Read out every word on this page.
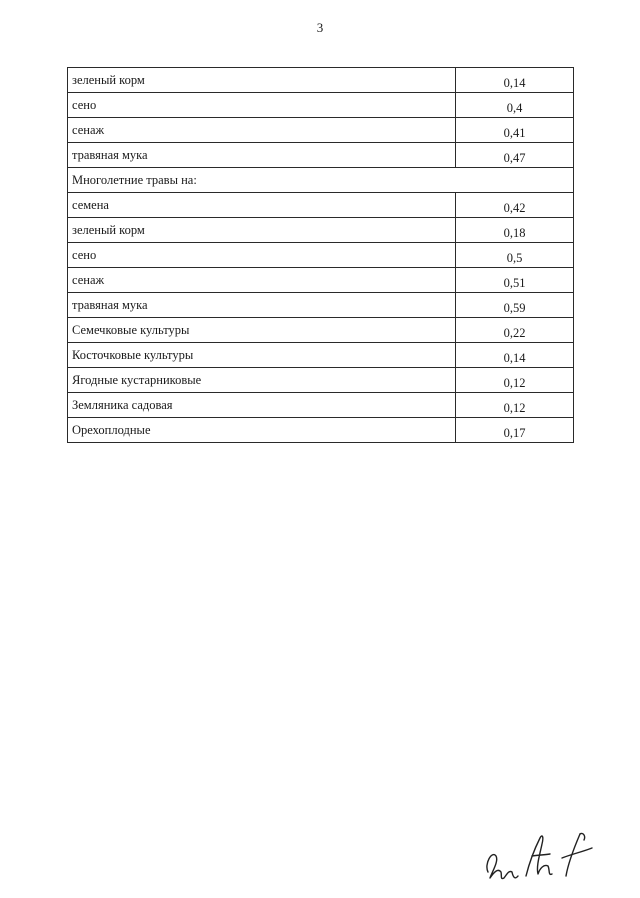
3
зеленый корм	0,14
сено	0,4
сенаж	0,41
травяная мука	0,47
Многолетние травы на:	
семена	0,42
зеленый корм	0,18
сено	0,5
сенаж	0,51
травяная мука	0,59
Семечковые культуры	0,22
Косточковые культуры	0,14
Ягодные кустарниковые	0,12
Земляника садовая	0,12
Орехоплодные	0,17
